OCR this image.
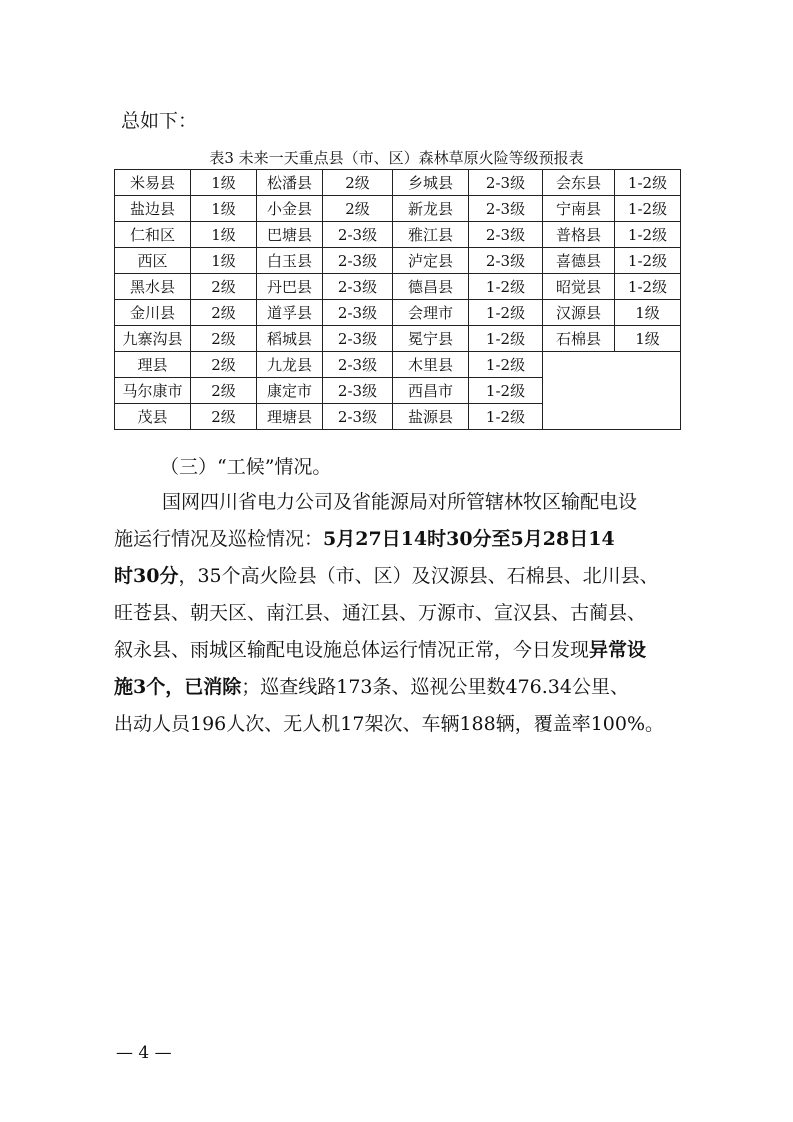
总如下：
表3 未来一天重点县（市、区）森林草原火险等级预报表
米易县	1级	松潘县	2级	乡城县	2-3级	会东县	1-2级
盐边县	1级	小金县	2级	新龙县	2-3级	宁南县	1-2级
仁和区	1级	巴塘县	2-3级	雅江县	2-3级	普格县	1-2级
西区	1级	白玉县	2-3级	泸定县	2-3级	喜德县	1-2级
黑水县	2级	丹巴县	2-3级	德昌县	1-2级	昭觉县	1-2级
金川县	2级	道孚县	2-3级	会理市	1-2级	汉源县	1级
九寨沟县	2级	稻城县	2-3级	冕宁县	1-2级	石棉县	1级
理县	2级	九龙县	2-3级	木里县	1-2级		
马尔康市	2级	康定市	2-3级	西昌市	1-2级		
茂县	2级	理塘县	2-3级	盐源县	1-2级		
（三）“工候”情况。
国网四川省电力公司及省能源局对所管辖林牧区输配电设
施运行情况及巡检情况：5月27日14时30分至5月28日14
时30分，35个高火险县（市、区）及汉源县、石棉县、北川县、
旺苍县、朝天区、南江县、通江县、万源市、宣汉县、古蔺县、
叙永县、雨城区输配电设施总体运行情况正常，今日发现异常设
施3个，已消除；巡查线路173条、巡视公里数476.34公里、
出动人员196人次、无人机17架次、车辆188辆，覆盖率100%。
— 4 —
